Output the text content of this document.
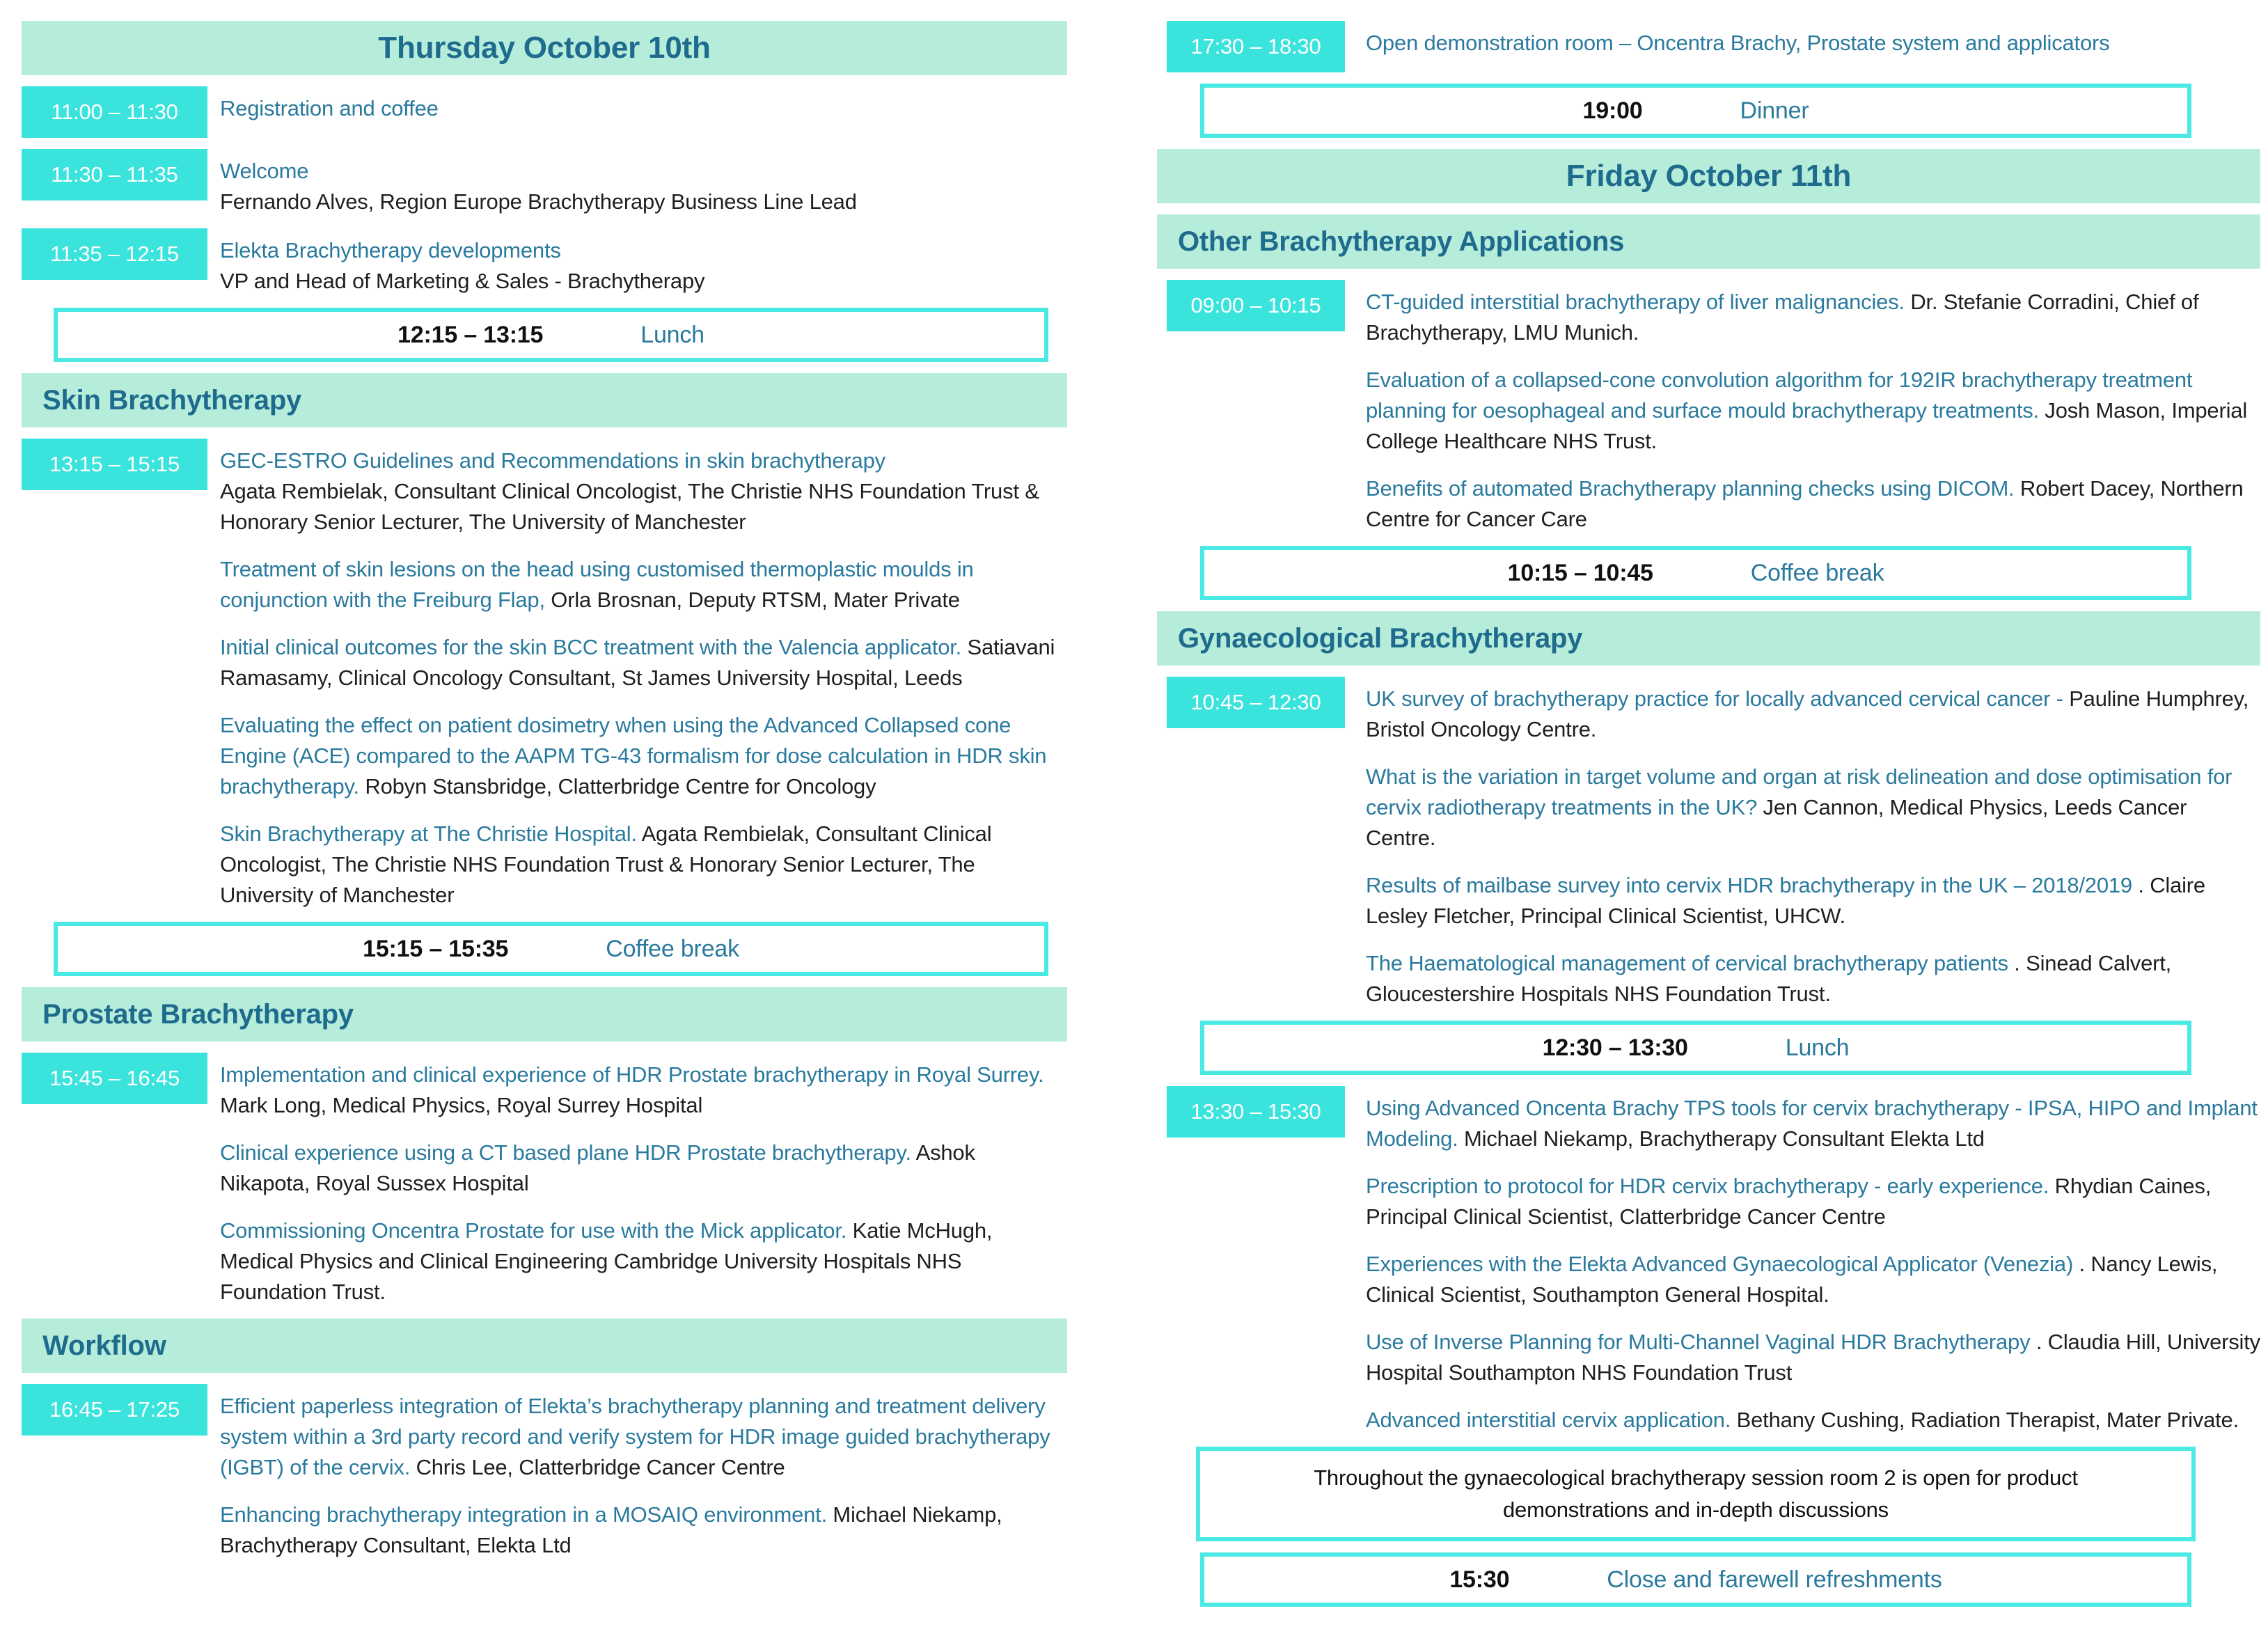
Thursday October 10th
11:00 – 11:30	Registration and coffee

11:30 – 11:35	Welcome
Fernando Alves, Region Europe Brachytherapy Business Line Lead

11:35 – 12:15	Elekta Brachytherapy developments
VP and Head of Marketing & Sales - Brachytherapy

12:15 – 13:15	Lunch
Skin Brachytherapy
13:15 – 15:15	GEC-ESTRO Guidelines and Recommendations in skin brachytherapy
Agata Rembielak, Consultant Clinical Oncologist, The Christie NHS Foundation Trust & Honorary Senior Lecturer, The University of Manchester

Treatment of skin lesions on the head using customised thermoplastic moulds in conjunction with the Freiburg Flap, Orla Brosnan, Deputy RTSM, Mater Private

Initial clinical outcomes for the skin BCC treatment with the Valencia applicator. Satiavani Ramasamy, Clinical Oncology Consultant, St James University Hospital, Leeds

Evaluating the effect on patient dosimetry when using the Advanced Collapsed cone Engine (ACE) compared to the AAPM TG-43 formalism for dose calculation in HDR skin brachytherapy. Robyn Stansbridge, Clatterbridge Centre for Oncology

Skin Brachytherapy at The Christie Hospital. Agata Rembielak, Consultant Clinical Oncologist, The Christie NHS Foundation Trust & Honorary Senior Lecturer, The University of Manchester

15:15 – 15:35	Coffee break
Prostate Brachytherapy
15:45 – 16:45	Implementation and clinical experience of HDR Prostate brachytherapy in Royal Surrey. Mark Long, Medical Physics, Royal Surrey Hospital

Clinical experience using a CT based plane HDR Prostate brachytherapy. Ashok Nikapota, Royal Sussex Hospital

Commissioning Oncentra Prostate for use with the Mick applicator. Katie McHugh, Medical Physics and Clinical Engineering Cambridge University Hospitals NHS Foundation Trust.

Workflow
16:45 – 17:25	Efficient paperless integration of Elekta’s brachytherapy planning and treatment delivery system within a 3rd party record and verify system for HDR image guided brachytherapy (IGBT) of the cervix. Chris Lee, Clatterbridge Cancer Centre

Enhancing brachytherapy integration in a MOSAIQ environment. Michael Niekamp, Brachytherapy Consultant, Elekta Ltd

17:30 – 18:30	Open demonstration room – Oncentra Brachy, Prostate system and applicators

19:00	Dinner
Friday October 11th
Other Brachytherapy Applications
09:00 – 10:15	CT-guided interstitial brachytherapy of liver malignancies. Dr. Stefanie Corradini, Chief of Brachytherapy, LMU Munich.

Evaluation of a collapsed-cone convolution algorithm for 192IR brachytherapy treatment planning for oesophageal and surface mould brachytherapy treatments. Josh Mason, Imperial College Healthcare NHS Trust.

Benefits of automated Brachytherapy planning checks using DICOM. Robert Dacey, Northern Centre for Cancer Care

10:15 – 10:45	Coffee break
Gynaecological Brachytherapy
10:45 – 12:30	UK survey of brachytherapy practice for locally advanced cervical cancer - Pauline Humphrey, Bristol Oncology Centre.

What is the variation in target volume and organ at risk delineation and dose optimisation for cervix radiotherapy treatments in the UK? Jen Cannon, Medical Physics, Leeds Cancer Centre.

Results of mailbase survey into cervix HDR brachytherapy in the UK – 2018/2019 . Claire Lesley Fletcher, Principal Clinical Scientist, UHCW.

The Haematological management of cervical brachytherapy patients . Sinead Calvert, Gloucestershire Hospitals NHS Foundation Trust.

12:30 – 13:30	Lunch
13:30 – 15:30	Using Advanced Oncenta Brachy TPS tools for cervix brachytherapy - IPSA, HIPO and Implant Modeling. Michael Niekamp, Brachytherapy Consultant Elekta Ltd

Prescription to protocol for HDR cervix brachytherapy - early experience. Rhydian Caines, Principal Clinical Scientist, Clatterbridge Cancer Centre

Experiences with the Elekta Advanced Gynaecological Applicator (Venezia) . Nancy Lewis, Clinical Scientist, Southampton General Hospital.

Use of Inverse Planning for Multi-Channel Vaginal HDR Brachytherapy . Claudia Hill, University Hospital Southampton NHS Foundation Trust

Advanced interstitial cervix application. Bethany Cushing, Radiation Therapist, Mater Private.

Throughout the gynaecological brachytherapy session room 2 is open for product demonstrations and in-depth discussions
15:30	Close and farewell refreshments
